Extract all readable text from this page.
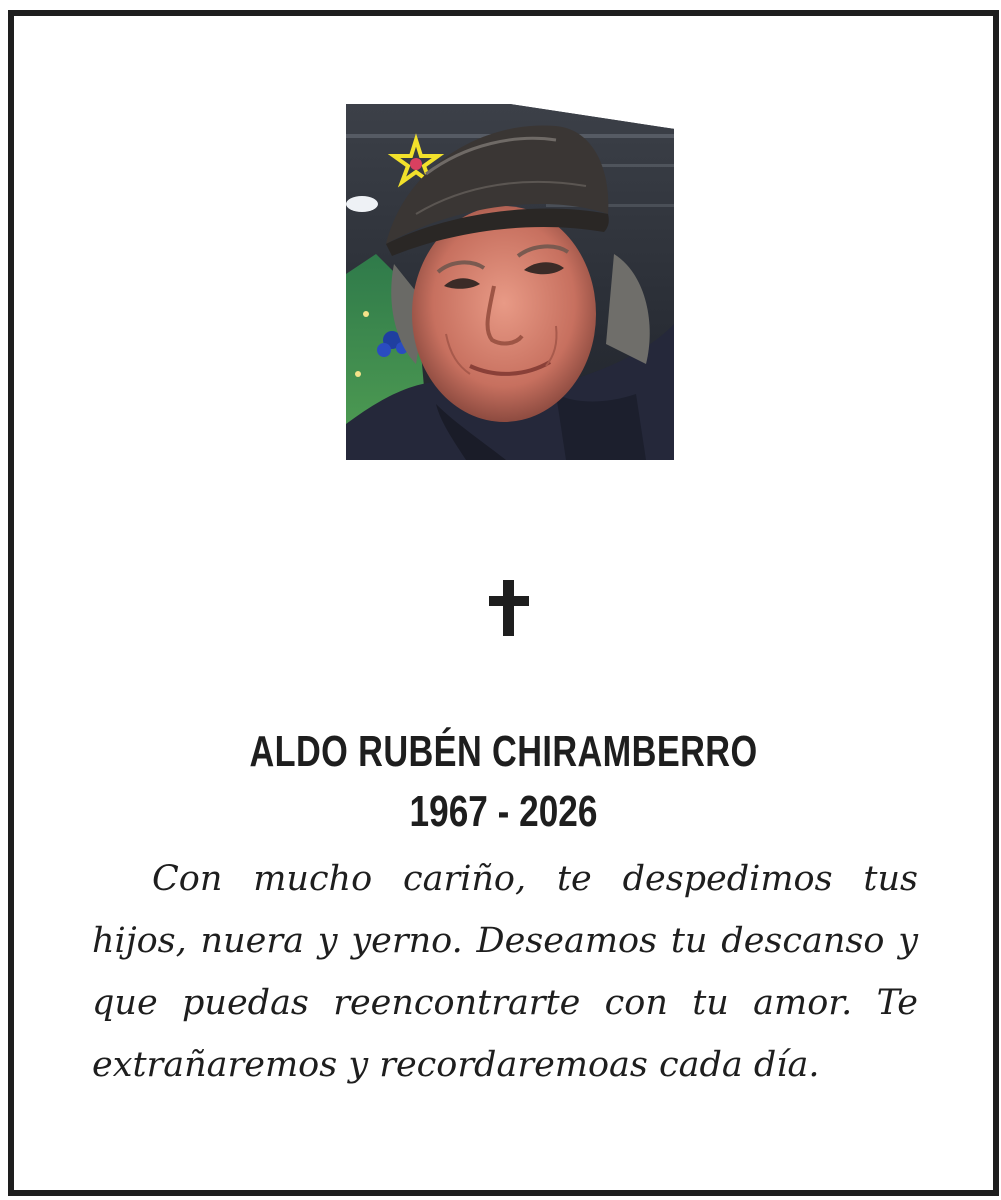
ALDO RUBÉN CHIRAMBERRO
1967 - 2026

Con mucho cariño, te despedimos tus hijos, nuera y yerno. Deseamos tu descanso y que puedas reencontrarte con tu amor. Te extrañaremos y recordaremoas cada día.
